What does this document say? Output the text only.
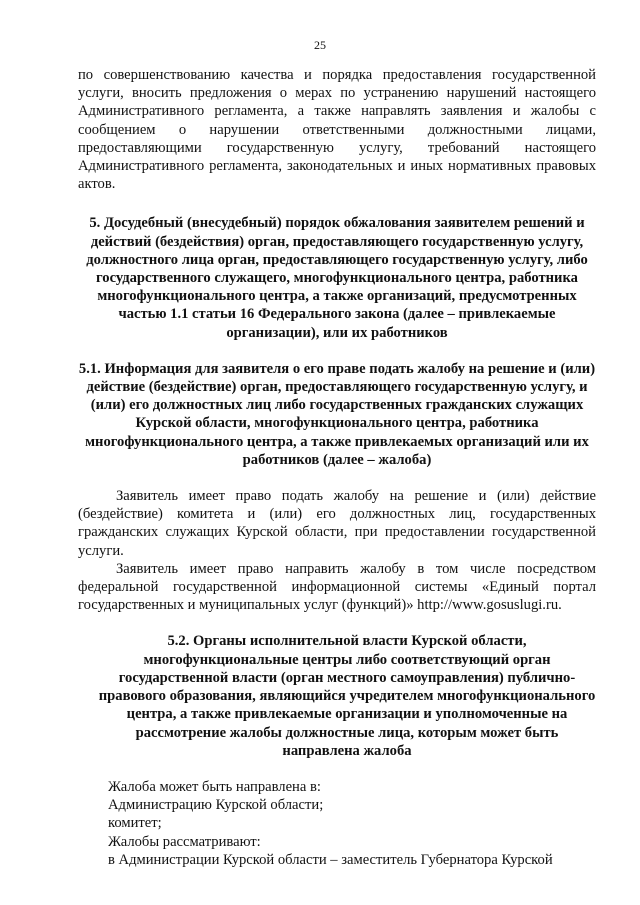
25

по совершенствованию качества и порядка предоставления государственной услуги, вносить предложения о мерах по устранению нарушений настоящего Административного регламента, а также направлять заявления и жалобы с сообщением о нарушении ответственными должностными лицами, предоставляющими государственную услугу, требований настоящего Административного регламента, законодательных и иных нормативных правовых актов.

5. Досудебный (внесудебный) порядок обжалования заявителем решений и действий (бездействия) орган, предоставляющего государственную услугу, должностного лица орган, предоставляющего государственную услугу, либо государственного служащего, многофункционального центра, работника многофункционального центра, а также организаций, предусмотренных частью 1.1 статьи 16 Федерального закона (далее – привлекаемые организации), или их работников

5.1. Информация для заявителя о его праве подать жалобу на решение и (или) действие (бездействие) орган, предоставляющего государственную услугу, и (или) его должностных лиц либо государственных гражданских служащих Курской области, многофункционального центра, работника многофункционального центра, а также привлекаемых организаций или их работников (далее – жалоба)

Заявитель имеет право подать жалобу на решение и (или) действие (бездействие) комитета и (или) его должностных лиц, государственных гражданских служащих Курской области, при предоставлении государственной услуги.

Заявитель имеет право направить жалобу в том числе посредством федеральной государственной информационной системы «Единый портал государственных и муниципальных услуг (функций)» http://www.gosuslugi.ru.

5.2. Органы исполнительной власти Курской области, многофункциональные центры либо соответствующий орган государственной власти (орган местного самоуправления) публично-правового образования, являющийся учредителем многофункционального центра, а также привлекаемые организации и уполномоченные на рассмотрение жалобы должностные лица, которым может быть направлена жалоба

Жалоба может быть направлена в:

Администрацию Курской области;

комитет;

Жалобы рассматривают:

в Администрации Курской области – заместитель Губернатора Курской
